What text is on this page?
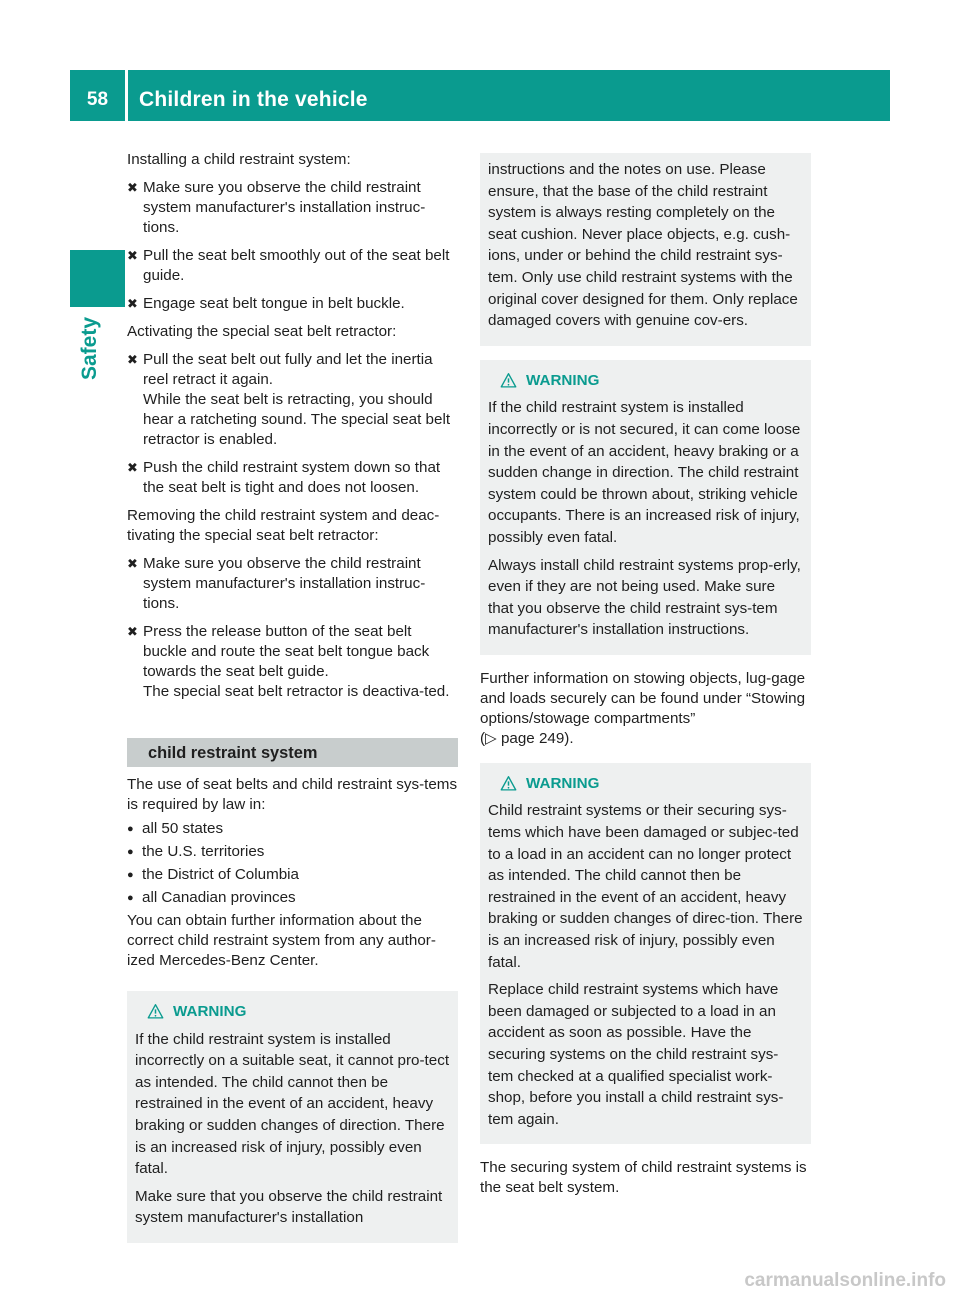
58	Children in the vehicle
Safety

Installing a child restraint system:

✖ Make sure you observe the child restraint system manufacturer's installation instruc-tions.
✖ Pull the seat belt smoothly out of the seat belt guide.
✖ Engage seat belt tongue in belt buckle.

Activating the special seat belt retractor:

✖ Pull the seat belt out fully and let the inertia reel retract it again.
While the seat belt is retracting, you should hear a ratcheting sound. The special seat belt retractor is enabled.
✖ Push the child restraint system down so that the seat belt is tight and does not loosen.

Removing the child restraint system and deac-tivating the special seat belt retractor:

✖ Make sure you observe the child restraint system manufacturer's installation instruc-tions.
✖ Press the release button of the seat belt buckle and route the seat belt tongue back towards the seat belt guide.
The special seat belt retractor is deactiva-ted.
child restraint system

The use of seat belts and child restraint sys-tems is required by law in:

● all 50 states
● the U.S. territories
● the District of Columbia
● all Canadian provinces

You can obtain further information about the correct child restraint system from any author-ized Mercedes-Benz Center.

WARNING

If the child restraint system is installed incorrectly on a suitable seat, it cannot pro-tect as intended. The child cannot then be restrained in the event of an accident, heavy braking or sudden changes of direction. There is an increased risk of injury, possibly even fatal.

Make sure that you observe the child restraint system manufacturer's installation

instructions and the notes on use. Please ensure, that the base of the child restraint system is always resting completely on the seat cushion. Never place objects, e.g. cush-ions, under or behind the child restraint sys-tem. Only use child restraint systems with the original cover designed for them. Only replace damaged covers with genuine cov-ers.

WARNING

If the child restraint system is installed incorrectly or is not secured, it can come loose in the event of an accident, heavy braking or a sudden change in direction. The child restraint system could be thrown about, striking vehicle occupants. There is an increased risk of injury, possibly even fatal.

Always install child restraint systems prop-erly, even if they are not being used. Make sure that you observe the child restraint sys-tem manufacturer's installation instructions.

Further information on stowing objects, lug-gage and loads securely can be found under “Stowing options/stowage compartments”

(▷ page 249).

WARNING

Child restraint systems or their securing sys-tems which have been damaged or subjec-ted to a load in an accident can no longer protect as intended. The child cannot then be restrained in the event of an accident, heavy braking or sudden changes of direc-tion. There is an increased risk of injury, possibly even fatal.

Replace child restraint systems which have been damaged or subjected to a load in an accident as soon as possible. Have the securing systems on the child restraint sys-tem checked at a qualified specialist work-shop, before you install a child restraint sys-tem again.

The securing system of child restraint systems is the seat belt system.

carmanualsonline.info
